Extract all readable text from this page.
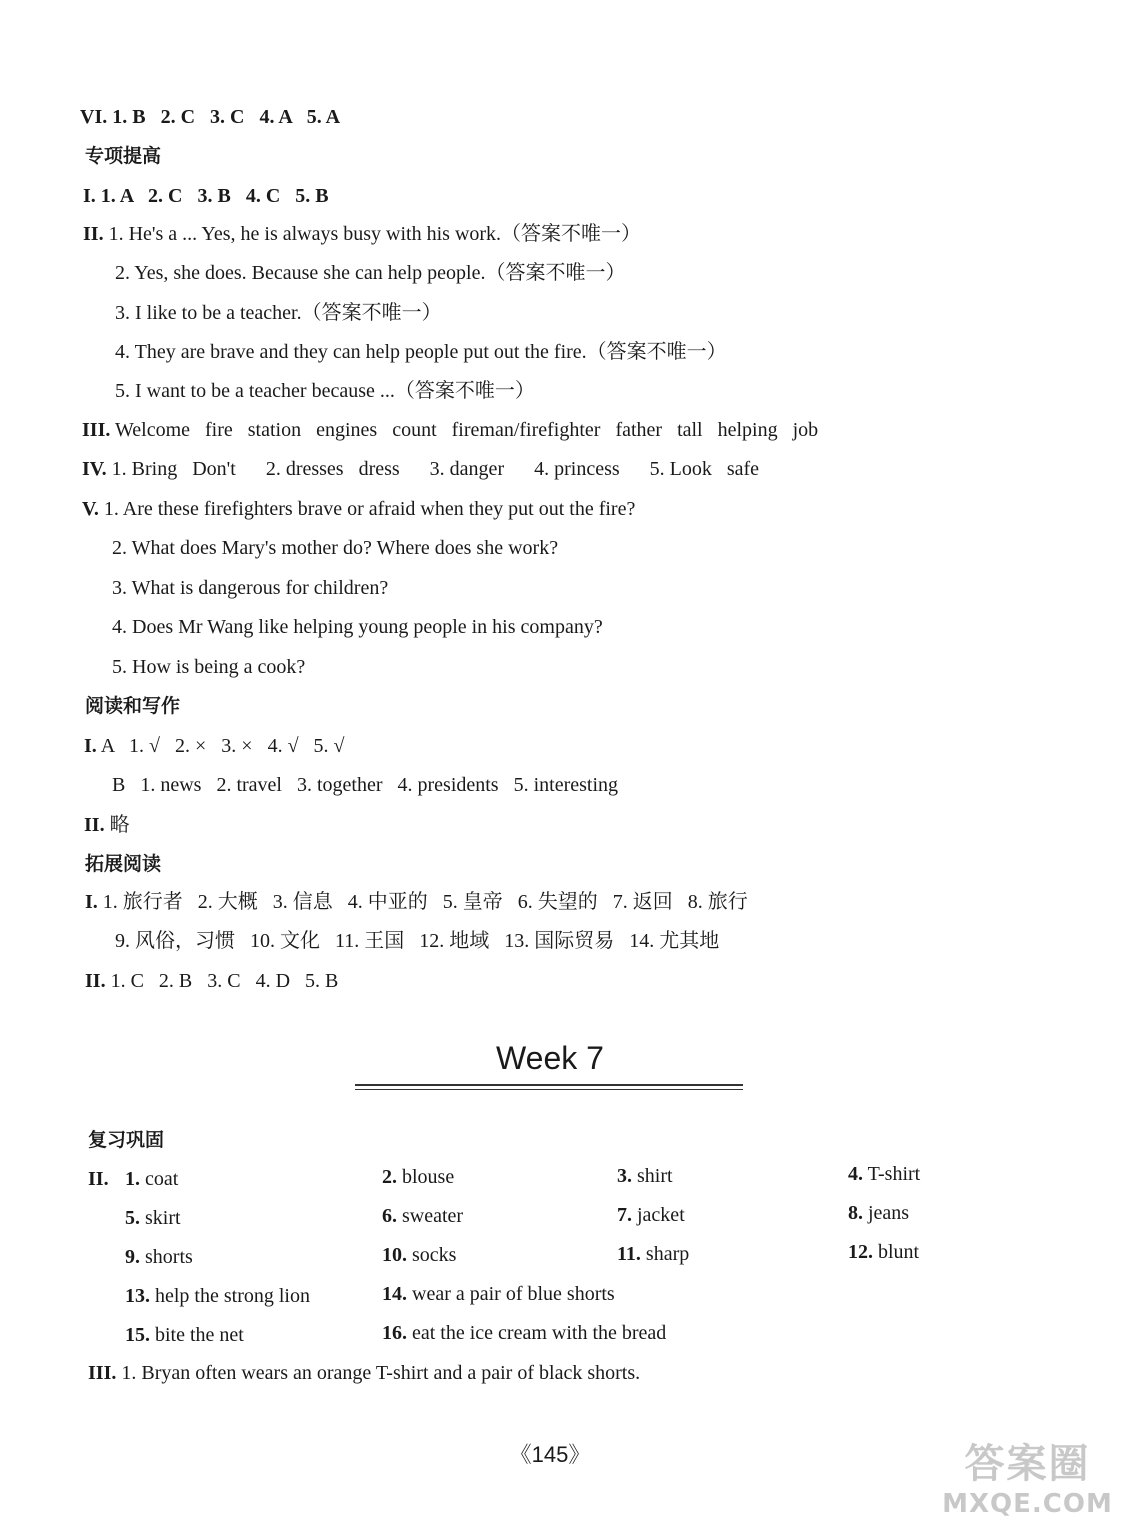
VI. 1. B   2. C   3. C   4. A   5. A
专项提高
I. 1. A   2. C   3. B   4. C   5. B
II. 1. He's a ... Yes, he is always busy with his work.（答案不唯一）
2. Yes, she does. Because she can help people.（答案不唯一）
3. I like to be a teacher.（答案不唯一）
4. They are brave and they can help people put out the fire.（答案不唯一）
5. I want to be a teacher because ...（答案不唯一）
III. Welcome   fire   station   engines   count   fireman/firefighter   father   tall   helping   job
IV. 1. Bring   Don't      2. dresses   dress      3. danger      4. princess      5. Look   safe
V. 1. Are these firefighters brave or afraid when they put out the fire?
2. What does Mary's mother do? Where does she work?
3. What is dangerous for children?
4. Does Mr Wang like helping young people in his company?
5. How is being a cook?
阅读和写作
I. A   1. √   2. ×   3. ×   4. √   5. √
B   1. news   2. travel   3. together   4. presidents   5. interesting
II. 略
拓展阅读
I. 1. 旅行者   2. 大概   3. 信息   4. 中亚的   5. 皇帝   6. 失望的   7. 返回   8. 旅行
9. 风俗，习惯   10. 文化   11. 王国   12. 地域   13. 国际贸易   14. 尤其地
II. 1. C   2. B   3. C   4. D   5. B
Week 7
复习巩固
II. 1. coat	2. blouse	3. shirt	4. T-shirt
5. skirt	6. sweater	7. jacket	8. jeans
9. shorts	10. socks	11. sharp	12. blunt
13. help the strong lion	14. wear a pair of blue shorts
15. bite the net	16. eat the ice cream with the bread
III. 1. Bryan often wears an orange T-shirt and a pair of black shorts.
《145》	答案圈
MXQE.COM
